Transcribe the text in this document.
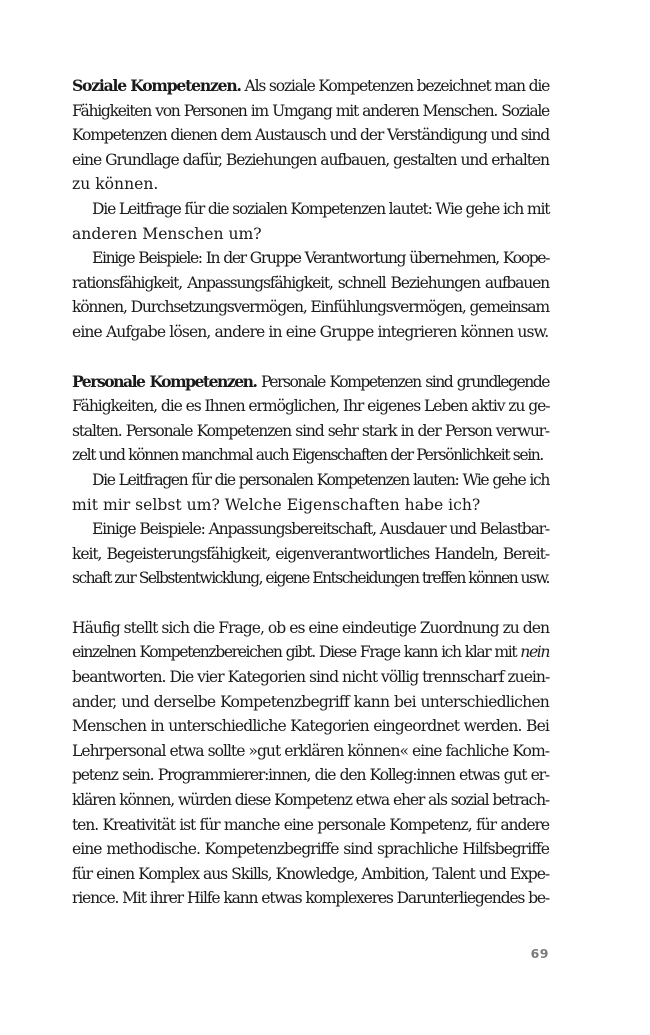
Soziale Kompetenzen. Als soziale Kompetenzen bezeichnet man die
Fähigkeiten von Personen im Umgang mit anderen Menschen. Soziale
Kompetenzen dienen dem Austausch und der Verständigung und sind
eine Grundlage dafür, Beziehungen aufbauen, gestalten und erhalten
zu können.
Die Leitfrage für die sozialen Kompetenzen lautet: Wie gehe ich mit
anderen Menschen um?
Einige Beispiele: In der Gruppe Verantwortung übernehmen, Koope-
rationsfähigkeit, Anpassungsfähigkeit, schnell Beziehungen aufbauen
können, Durchsetzungsvermögen, Einfühlungsvermögen, gemeinsam
eine Aufgabe lösen, andere in eine Gruppe integrieren können usw.
Personale Kompetenzen. Personale Kompetenzen sind grundlegende
Fähigkeiten, die es Ihnen ermöglichen, Ihr eigenes Leben aktiv zu ge-
stalten. Personale Kompetenzen sind sehr stark in der Person verwur-
zelt und können manchmal auch Eigenschaften der Persönlichkeit sein.
Die Leitfragen für die personalen Kompetenzen lauten: Wie gehe ich
mit mir selbst um? Welche Eigenschaften habe ich?
Einige Beispiele: Anpassungsbereitschaft, Ausdauer und Belastbar-
keit, Begeisterungsfähigkeit, eigenverantwortliches Handeln, Bereit-
schaft zur Selbstentwicklung, eigene Entscheidungen treffen können usw.
Häufig stellt sich die Frage, ob es eine eindeutige Zuordnung zu den
einzelnen Kompetenzbereichen gibt. Diese Frage kann ich klar mit nein
beantworten. Die vier Kategorien sind nicht völlig trennscharf zuein-
ander, und derselbe Kompetenzbegriff kann bei unterschiedlichen
Menschen in unterschiedliche Kategorien eingeordnet werden. Bei
Lehrpersonal etwa sollte »gut erklären können« eine fachliche Kom-
petenz sein. Programmierer:innen, die den Kolleg:innen etwas gut er-
klären können, würden diese Kompetenz etwa eher als sozial betrach-
ten. Kreativität ist für manche eine personale Kompetenz, für andere
eine methodische. Kompetenzbegriffe sind sprachliche Hilfsbegriffe
für einen Komplex aus Skills, Knowledge, Ambition, Talent und Expe-
rience. Mit ihrer Hilfe kann etwas komplexeres Darunterliegendes be-
69
